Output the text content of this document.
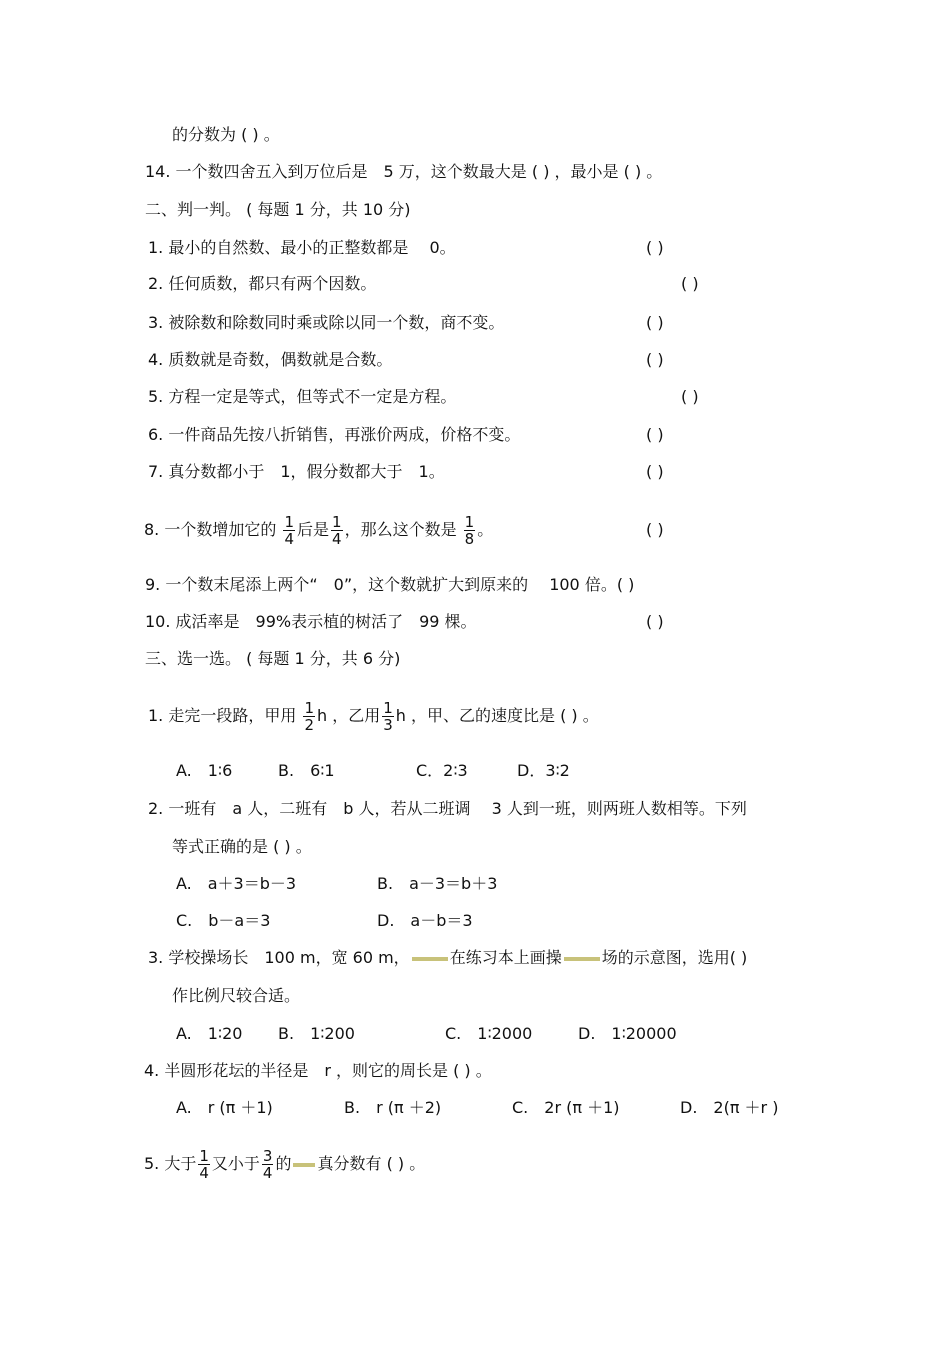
的分数为 ( ) 。
14. 一个数四舍五入到万位后是　5 万，这个数最大是 ( ) ，最小是 ( ) 。
二、判一判。 ( 每题 1 分，共 10 分)
1. 最小的自然数、最小的正整数都是　 0。	( )
2. 任何质数，都只有两个因数。	( )
3. 被除数和除数同时乘或除以同一个数，商不变。	( )
4. 质数就是奇数，偶数就是合数。	( )
5. 方程一定是等式，但等式不一定是方程。	( )
6. 一件商品先按八折销售，再涨价两成，价格不变。	( )
7. 真分数都小于　1，假分数都大于　1。	( )
8. 一个数增加它的 $\frac{1}{4}$ 后是 $\frac{1}{4}$ ，那么这个数是 $\frac{1}{8}$ 。	( )
9. 一个数末尾添上两个“　0”，这个数就扩大到原来的　 100 倍。( )
10. 成活率是　99%表示植的树活了　99 棵。	( )
三、选一选。 ( 每题 1 分，共 6 分)
1. 走完一段路，甲用 $\frac{1}{2}$ h ，乙用 $\frac{1}{3}$ h ，甲、乙的速度比是 ( ) 。
A.　1∶6	B.　6∶1	C．2∶3	D．3∶2
2. 一班有　a 人，二班有　b 人，若从二班调　 3 人到一班，则两班人数相等。下列
等式正确的是 ( ) 。
A.　a＋3＝b－3	B.　a－3＝b＋3
C.　b－a＝3	D.　a－b＝3
3. 学校操场长　100 m，宽 60 m，	在练习本上画操	场的示意图，选用( )
作比例尺较合适。
A.　1∶20 B.　1∶200	C.　1∶2000	D.　1∶20000
4. 半圆形花坛的半径是　r ，则它的周长是 ( ) 。
A.　r (π ＋1)	B.　r (π ＋2)	C.　2r (π ＋1)	D.　2(π ＋r )
5. 大于 $\frac{1}{4}$ 又小于 $\frac{3}{4}$ 的 真分数有 ( ) 。
